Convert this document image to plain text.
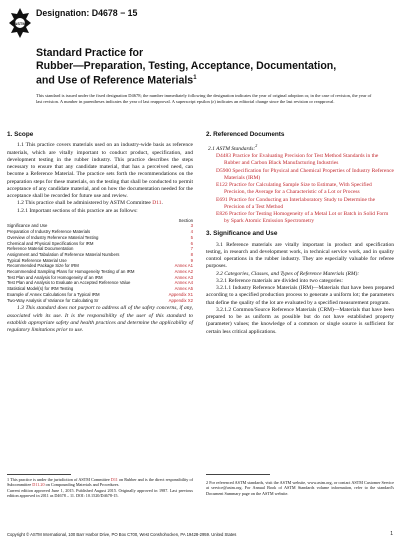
ASTM
Designation: D4678 − 15
Standard Practice for
Rubber—Preparation, Testing, Acceptance, Documentation,
and Use of Reference Materials$^1$
This standard is issued under the fixed designation D4678; the number immediately following the designation indicates the year of original adoption or, in the case of revision, the year of last revision. A number in parentheses indicates the year of last reapproval. A superscript epsilon (ε) indicates an editorial change since the last revision or reapproval.
1. Scope

1.1 This practice covers materials used on an industry-wide basis as reference materials, which are vitally important to conduct product, specification, and development testing in the rubber industry. This practice describes the steps necessary to ensure that any candidate material, that has a perceived need, can become a Reference Material. The practice sets forth the recommendations on the preparation steps for these materials, on the testing that shall be conducted to permit acceptance of any candidate material, and on how the documentation needed for the acceptance shall be recorded for future use and review.

1.2 This practice shall be administered by ASTM Committee D11.

1.2.1 Important sections of this practice are as follows:

Section
Significance and Use	3
Preparation of Industry Reference Materials	4
Overview of Industry Reference Material Testing	5
Chemical and Physical Specifications for IRM	6
Reference Material Documentation	7
Assignment and Tabulation of Reference Material Numbers	8
Typical Reference Material Use	9
Recommended Package Size for IRM	Annex A1
Recommended Sampling Plans for Homogeneity Testing of an IRM	Annex A2
Test Plan and Analysis for Homogeneity of an IRM	Annex A3
Test Plan and Analysis to Evaluate an Accepted Reference Value	Annex A4
Statistical Model(s) for IRM Testing	Annex A5
Example of Annex Calculations for a Typical IRM	Appendix X1
Two-Way Analysis of Variance for Calculating Sr	Appendix X2

1.3 This standard does not purport to address all of the safety concerns, if any, associated with its use. It is the responsibility of the user of this standard to establish appropriate safety and health practices and determine the applicability of regulatory limitations prior to use.

2. Referenced Documents

2.1 ASTM Standards:$^2$

D4483 Practice for Evaluating Precision for Test Method Standards in the Rubber and Carbon Black Manufacturing Industries

D5900 Specification for Physical and Chemical Properties of Industry Reference Materials (IRM)

E122 Practice for Calculating Sample Size to Estimate, With Specified Precision, the Average for a Characteristic of a Lot or Process

E691 Practice for Conducting an Interlaboratory Study to Determine the Precision of a Test Method

E826 Practice for Testing Homogeneity of a Metal Lot or Batch in Solid Form by Spark Atomic Emission Spectrometry

3. Significance and Use

3.1 Reference materials are vitally important in product and specification testing, in research and development work, in technical service work, and in quality control operations in the rubber industry. They are especially valuable for referee purposes.

3.2 Categories, Classes, and Types of Reference Materials (RM):

3.2.1 Reference materials are divided into two categories:

3.2.1.1 Industry Reference Materials (IRM)—Materials that have been prepared according to a specified production process to generate a uniform lot; the parameters that define the quality of the lot are evaluated by a specified measurement program.

3.2.1.2 Common/Source Reference Materials (CRM)—Materials that have been prepared to be as uniform as possible but do not have established property (parameter) values; the knowledge of a common or single source is sufficient for certain less critical applications.

1 This practice is under the jurisdiction of ASTM Committee D11 on Rubber and is the direct responsibility of Subcommittee D11.20 on Compounding Materials and Procedures.
Current edition approved June 1, 2015. Published August 2015. Originally approved in 1987. Last previous edition approved in 2011 as D4678 – 11. DOI: 10.1520/D4678-15.
2 For referenced ASTM standards, visit the ASTM website, www.astm.org, or contact ASTM Customer Service at service@astm.org. For Annual Book of ASTM Standards volume information, refer to the standard's Document Summary page on the ASTM website.
Copyright © ASTM International, 100 Barr Harbor Drive, PO Box C700, West Conshohocken, PA 19428-2959. United States	1
